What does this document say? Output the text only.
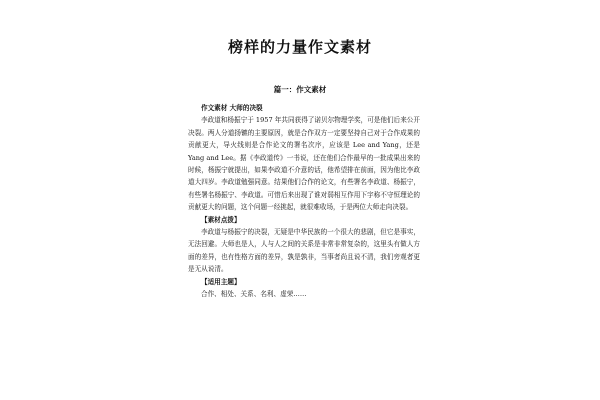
榜样的力量作文素材
篇一：作文素材

作文素材 大师的决裂

李政道和杨振宁于 1957 年共同获得了诺贝尔物理学奖，可是他们后来公开决裂。两人分道扬镳的主要原因，就是合作双方一定要坚持自己对于合作成果的贡献更大，导火线则是合作论文的署名次序，应该是 Lee and Yang，还是 Yang and Lee。据《李政道传》一书说，还在他们合作最早的一批成果出来的时候，杨振宁就提出，如果李政道不介意的话，他希望排在前面，因为他比李政道大四岁。李政道勉强同意。结果他们合作的论文，有些署名李政道、杨振宁，有些署名杨振宁、李政道。可惜后来出现了谁对弱相互作用下宇称不守恒理论的贡献更大的问题，这个问题一经挑起，就很难收场，于是两位大师走向决裂。

【素材点拨】

李政道与杨振宁的决裂，无疑是中华民族的一个很大的悲剧，但它是事实，无法回避。大师也是人，人与人之间的关系是非常非常复杂的，这里头有做人方面的差异，也有性格方面的差异，孰是孰非，当事者尚且说不清，我们旁观者更是无从说清。

【适用主题】

合作、相处、关系、名利、虚荣……
